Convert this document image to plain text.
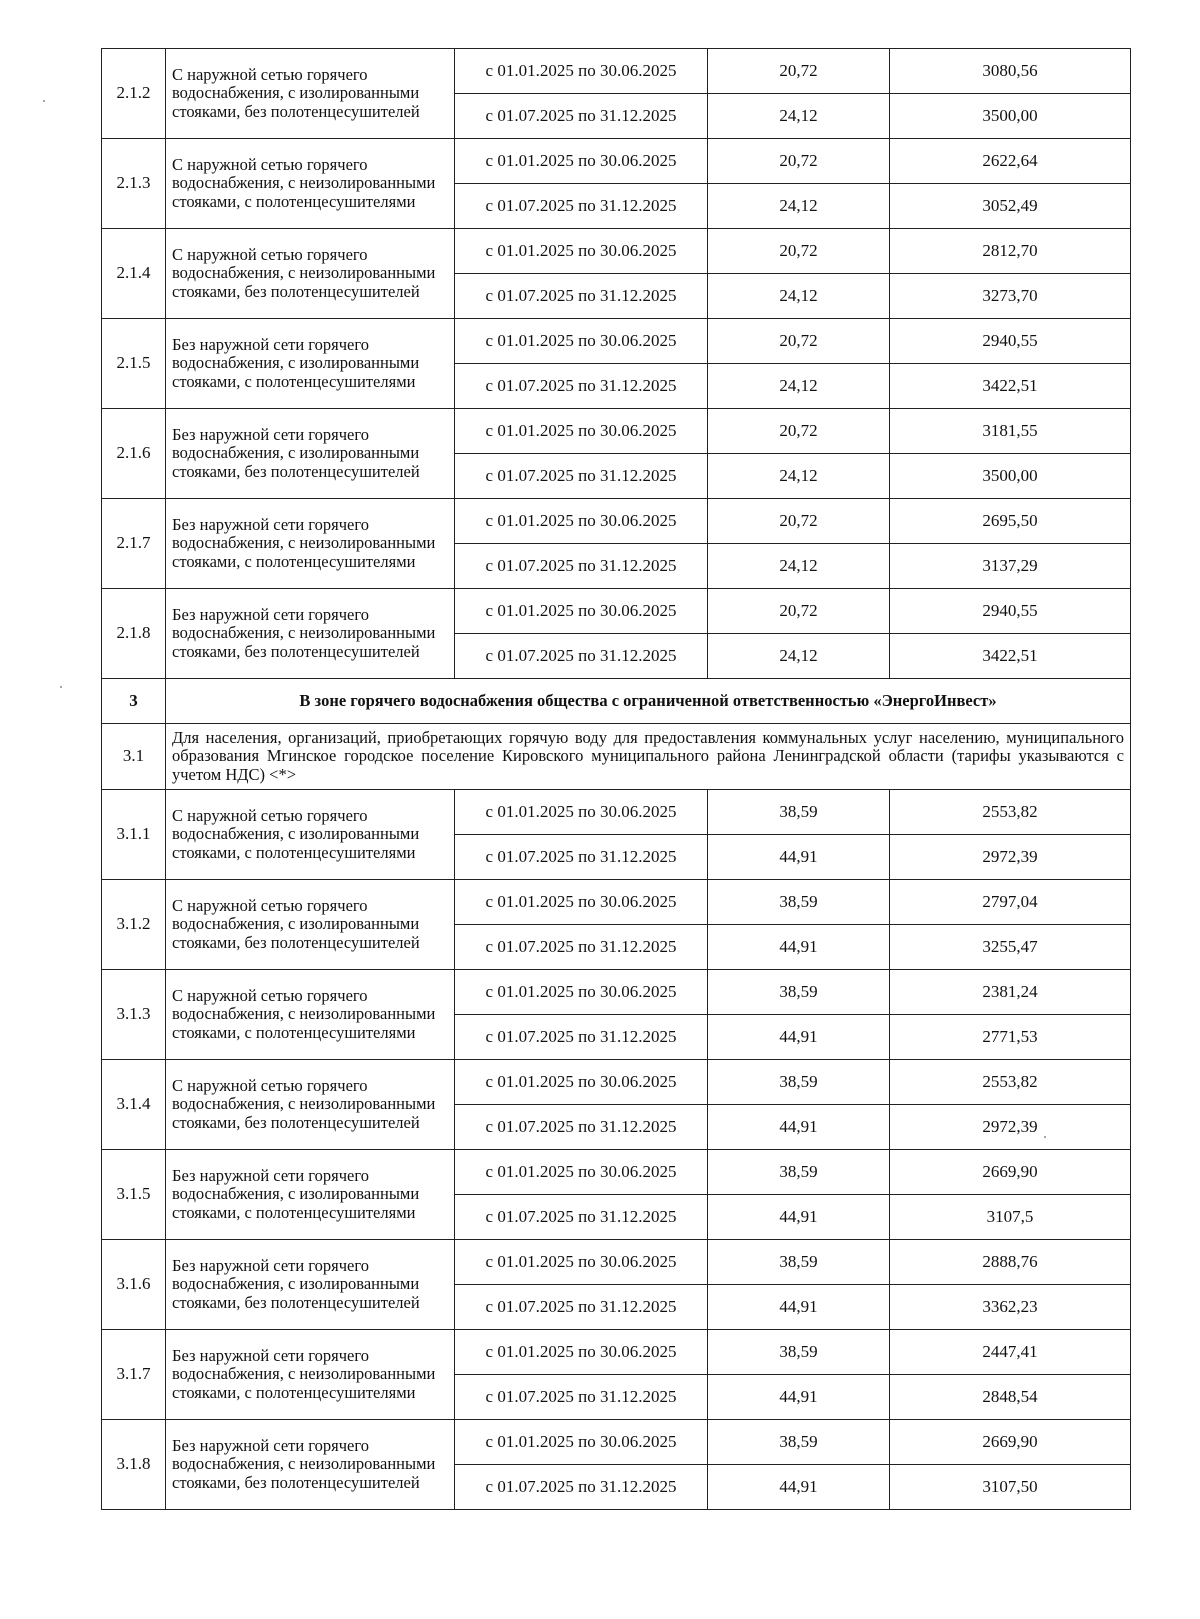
2.1.2	С наружной сетью горячего водоснабжения, с изолированными стояками, без полотенцесушителей	с 01.01.2025 по 30.06.2025	20,72	3080,56
		с 01.07.2025 по 31.12.2025	24,12	3500,00
2.1.3	С наружной сетью горячего водоснабжения, с неизолированными стояками, с полотенцесушителями	с 01.01.2025 по 30.06.2025	20,72	2622,64
		с 01.07.2025 по 31.12.2025	24,12	3052,49
2.1.4	С наружной сетью горячего водоснабжения, с неизолированными стояками, без полотенцесушителей	с 01.01.2025 по 30.06.2025	20,72	2812,70
		с 01.07.2025 по 31.12.2025	24,12	3273,70
2.1.5	Без наружной сети горячего водоснабжения, с изолированными стояками, с полотенцесушителями	с 01.01.2025 по 30.06.2025	20,72	2940,55
		с 01.07.2025 по 31.12.2025	24,12	3422,51
2.1.6	Без наружной сети горячего водоснабжения, с изолированными стояками, без полотенцесушителей	с 01.01.2025 по 30.06.2025	20,72	3181,55
		с 01.07.2025 по 31.12.2025	24,12	3500,00
2.1.7	Без наружной сети горячего водоснабжения, с неизолированными стояками, с полотенцесушителями	с 01.01.2025 по 30.06.2025	20,72	2695,50
		с 01.07.2025 по 31.12.2025	24,12	3137,29
2.1.8	Без наружной сети горячего водоснабжения, с неизолированными стояками, без полотенцесушителей	с 01.01.2025 по 30.06.2025	20,72	2940,55
		с 01.07.2025 по 31.12.2025	24,12	3422,51
3	В зоне горячего водоснабжения общества с ограниченной ответственностью «ЭнергоИнвест»			
3.1	Для населения, организаций, приобретающих горячую воду для предоставления коммунальных услуг населению, муниципального образования Мгинское городское поселение Кировского муниципального района Ленинградской области (тарифы указываются с учетом НДС) <*>			
3.1.1	С наружной сетью горячего водоснабжения, с изолированными стояками, с полотенцесушителями	с 01.01.2025 по 30.06.2025	38,59	2553,82
		с 01.07.2025 по 31.12.2025	44,91	2972,39
3.1.2	С наружной сетью горячего водоснабжения, с изолированными стояками, без полотенцесушителей	с 01.01.2025 по 30.06.2025	38,59	2797,04
		с 01.07.2025 по 31.12.2025	44,91	3255,47
3.1.3	С наружной сетью горячего водоснабжения, с неизолированными стояками, с полотенцесушителями	с 01.01.2025 по 30.06.2025	38,59	2381,24
		с 01.07.2025 по 31.12.2025	44,91	2771,53
3.1.4	С наружной сетью горячего водоснабжения, с неизолированными стояками, без полотенцесушителей	с 01.01.2025 по 30.06.2025	38,59	2553,82
		с 01.07.2025 по 31.12.2025	44,91	2972,39
3.1.5	Без наружной сети горячего водоснабжения, с изолированными стояками, с полотенцесушителями	с 01.01.2025 по 30.06.2025	38,59	2669,90
		с 01.07.2025 по 31.12.2025	44,91	3107,5
3.1.6	Без наружной сети горячего водоснабжения, с изолированными стояками, без полотенцесушителей	с 01.01.2025 по 30.06.2025	38,59	2888,76
		с 01.07.2025 по 31.12.2025	44,91	3362,23
3.1.7	Без наружной сети горячего водоснабжения, с неизолированными стояками, с полотенцесушителями	с 01.01.2025 по 30.06.2025	38,59	2447,41
		с 01.07.2025 по 31.12.2025	44,91	2848,54
3.1.8	Без наружной сети горячего водоснабжения, с неизолированными стояками, без полотенцесушителей	с 01.01.2025 по 30.06.2025	38,59	2669,90
		с 01.07.2025 по 31.12.2025	44,91	3107,50
